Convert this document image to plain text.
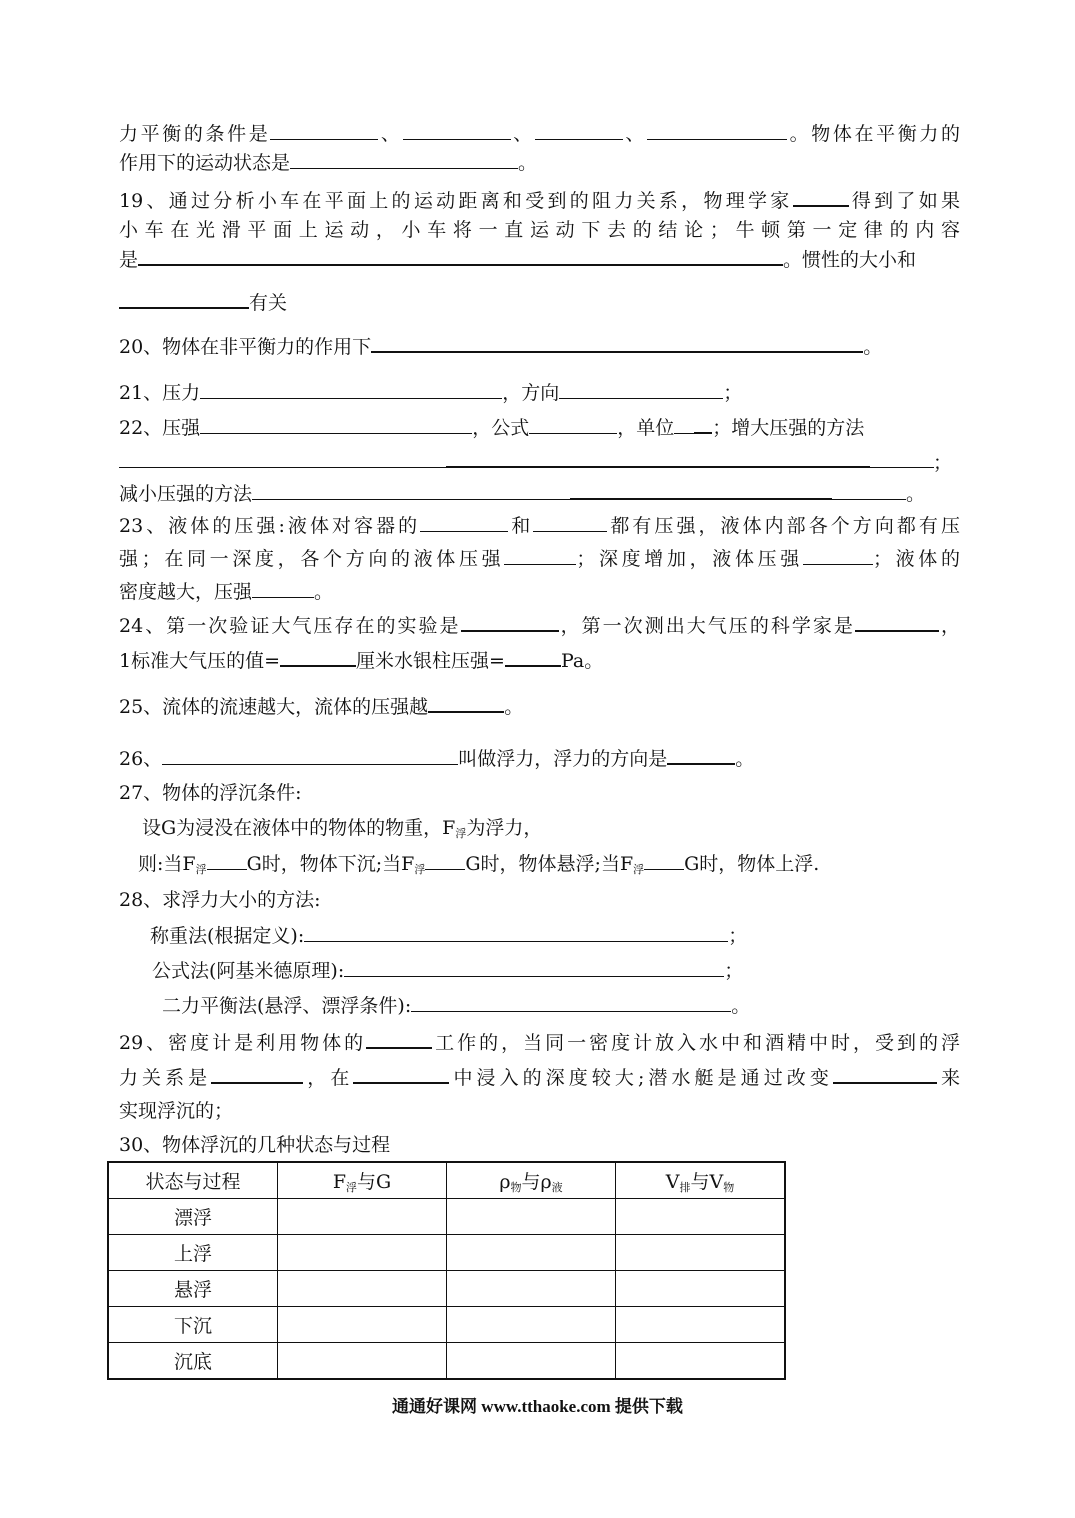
力平衡的条件是	、	、	、	。物体在平衡力的
作用下的运动状态是	。
19、通过分析小车在平面上的运动距离和受到的阻力关系，物理学家	得到了如果
小车在光滑平面上运动，小车将一直运动下去的结论；牛顿第一定律的内容
是	。惯性的大小和
有关
20、物体在非平衡力的作用下	。
21、压力	，方向	；
22、压强	，公式	，单位 ；增大压强的方法
；
减小压强的方法	。
23、液体的压强:液体对容器的	和	都有压强，液体内部各个方向都有压
强；在同一深度，各个方向的液体压强	；深度增加，液体压强	；液体的
密度越大，压强	。
24、第一次验证大气压存在的实验是	，第一次测出大气压的科学家是	，
1标准大气压的值=	厘米水银柱压强=	Pa。
25、流体的流速越大，流体的压强越	。
26、	叫做浮力，浮力的方向是	。
27、物体的浮沉条件:
设G为浸没在液体中的物体的物重，F浮为浮力，
则:当F浮 G时，物体下沉;当F浮 G时，物体悬浮;当F浮 G时，物体上浮.
28、求浮力大小的方法:
称重法(根据定义):	；
公式法(阿基米德原理):	；
二力平衡法(悬浮、漂浮条件):	。
29、密度计是利用物体的	工作的，当同一密度计放入水中和酒精中时，受到的浮
力关系是	，在	中浸入的深度较大;潜水艇是通过改变	来
实现浮沉的；
30、物体浮沉的几种状态与过程
状态与过程	F浮与G	ρ物与ρ液	V排与V物
漂浮			
上浮			
悬浮			
下沉			
沉底			
通通好课网 www.tthaoke.com 提供下载
